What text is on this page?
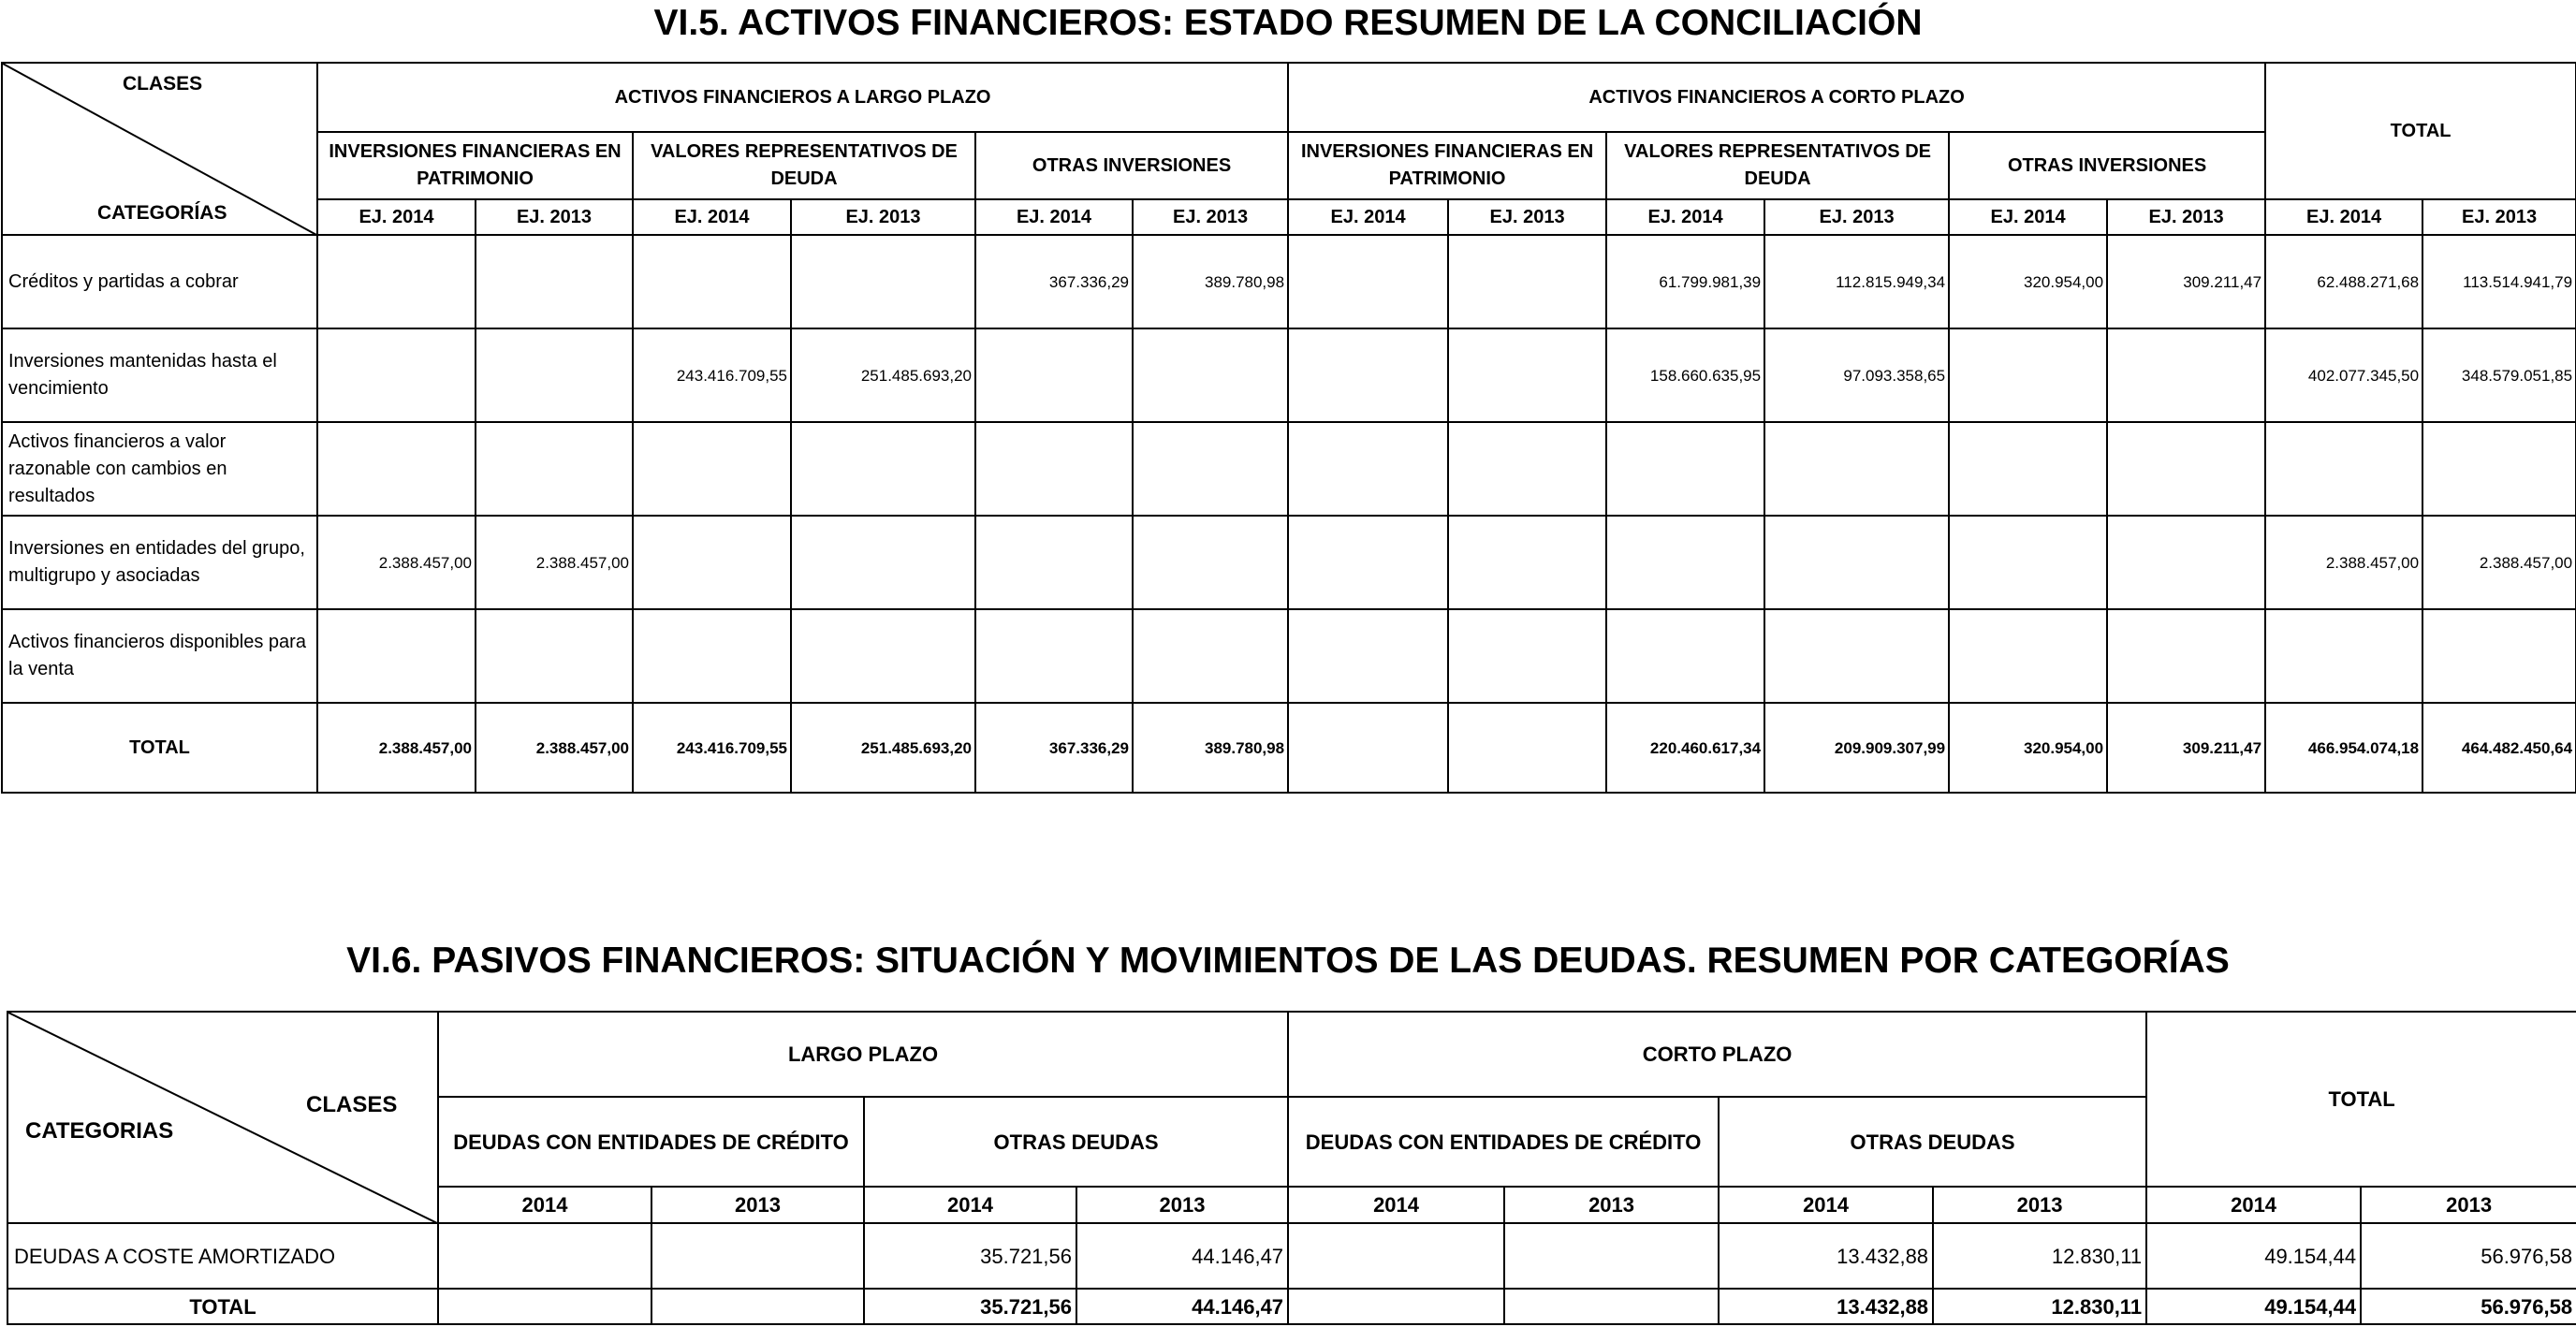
VI.5. ACTIVOS FINANCIEROS: ESTADO RESUMEN DE LA CONCILIACIÓN
CLASES
CATEGORÍAS	ACTIVOS FINANCIEROS A LARGO PLAZO						ACTIVOS FINANCIEROS A CORTO PLAZO						TOTAL	
	INVERSIONES FINANCIERAS EN PATRIMONIO		VALORES REPRESENTATIVOS DE DEUDA		OTRAS INVERSIONES		INVERSIONES FINANCIERAS EN PATRIMONIO		VALORES REPRESENTATIVOS DE DEUDA		OTRAS INVERSIONES			
	EJ. 2014	EJ. 2013	EJ. 2014	EJ. 2013	EJ. 2014	EJ. 2013	EJ. 2014	EJ. 2013	EJ. 2014	EJ. 2013	EJ. 2014	EJ. 2013	EJ. 2014	EJ. 2013
Créditos y partidas a cobrar					367.336,29	389.780,98			61.799.981,39	112.815.949,34	320.954,00	309.211,47	62.488.271,68	113.514.941,79
Inversiones mantenidas hasta el vencimiento			243.416.709,55	251.485.693,20					158.660.635,95	97.093.358,65			402.077.345,50	348.579.051,85
Activos financieros a valor razonable con cambios en resultados														
Inversiones en entidades del grupo, multigrupo y asociadas	2.388.457,00	2.388.457,00											2.388.457,00	2.388.457,00
Activos financieros disponibles para la venta														
TOTAL	2.388.457,00	2.388.457,00	243.416.709,55	251.485.693,20	367.336,29	389.780,98			220.460.617,34	209.909.307,99	320.954,00	309.211,47	466.954.074,18	464.482.450,64
VI.6. PASIVOS FINANCIEROS: SITUACIÓN Y MOVIMIENTOS DE LAS DEUDAS. RESUMEN POR CATEGORÍAS
CLASES
CATEGORIAS	LARGO PLAZO				CORTO PLAZO				TOTAL	
	DEUDAS CON ENTIDADES DE CRÉDITO		OTRAS DEUDAS		DEUDAS CON ENTIDADES DE CRÉDITO		OTRAS DEUDAS			
	2014	2013	2014	2013	2014	2013	2014	2013	2014	2013
DEUDAS A COSTE AMORTIZADO			35.721,56	44.146,47			13.432,88	12.830,11	49.154,44	56.976,58
TOTAL			35.721,56	44.146,47			13.432,88	12.830,11	49.154,44	56.976,58
